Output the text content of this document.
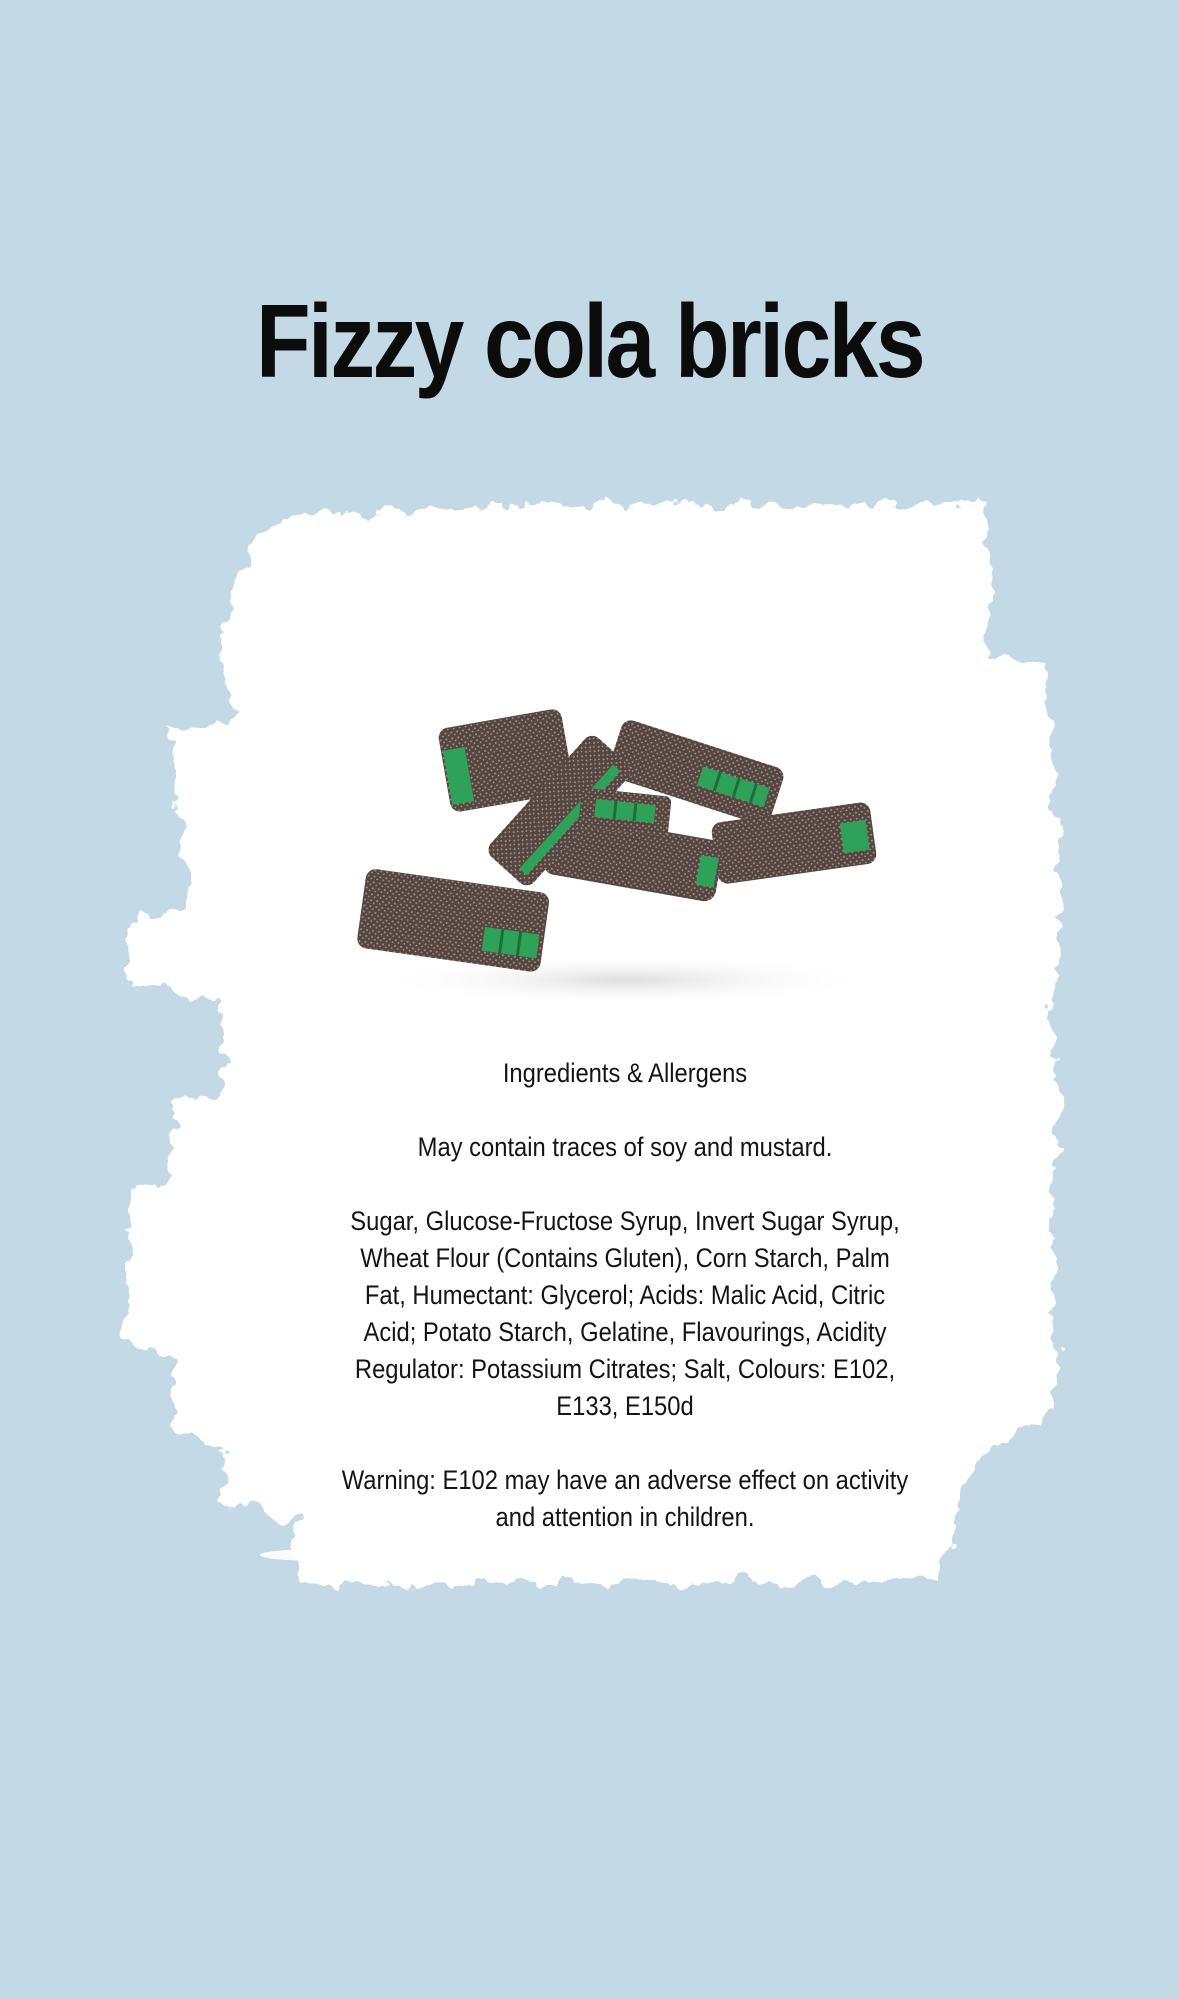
Fizzy cola bricks

Ingredients & Allergens

May contain traces of soy and mustard.

Sugar, Glucose-Fructose Syrup, Invert Sugar Syrup, Wheat Flour (Contains Gluten), Corn Starch, Palm Fat, Humectant: Glycerol; Acids: Malic Acid, Citric Acid; Potato Starch, Gelatine, Flavourings, Acidity Regulator: Potassium Citrates; Salt, Colours: E102, E133, E150d

Warning: E102 may have an adverse effect on activity and attention in children.
